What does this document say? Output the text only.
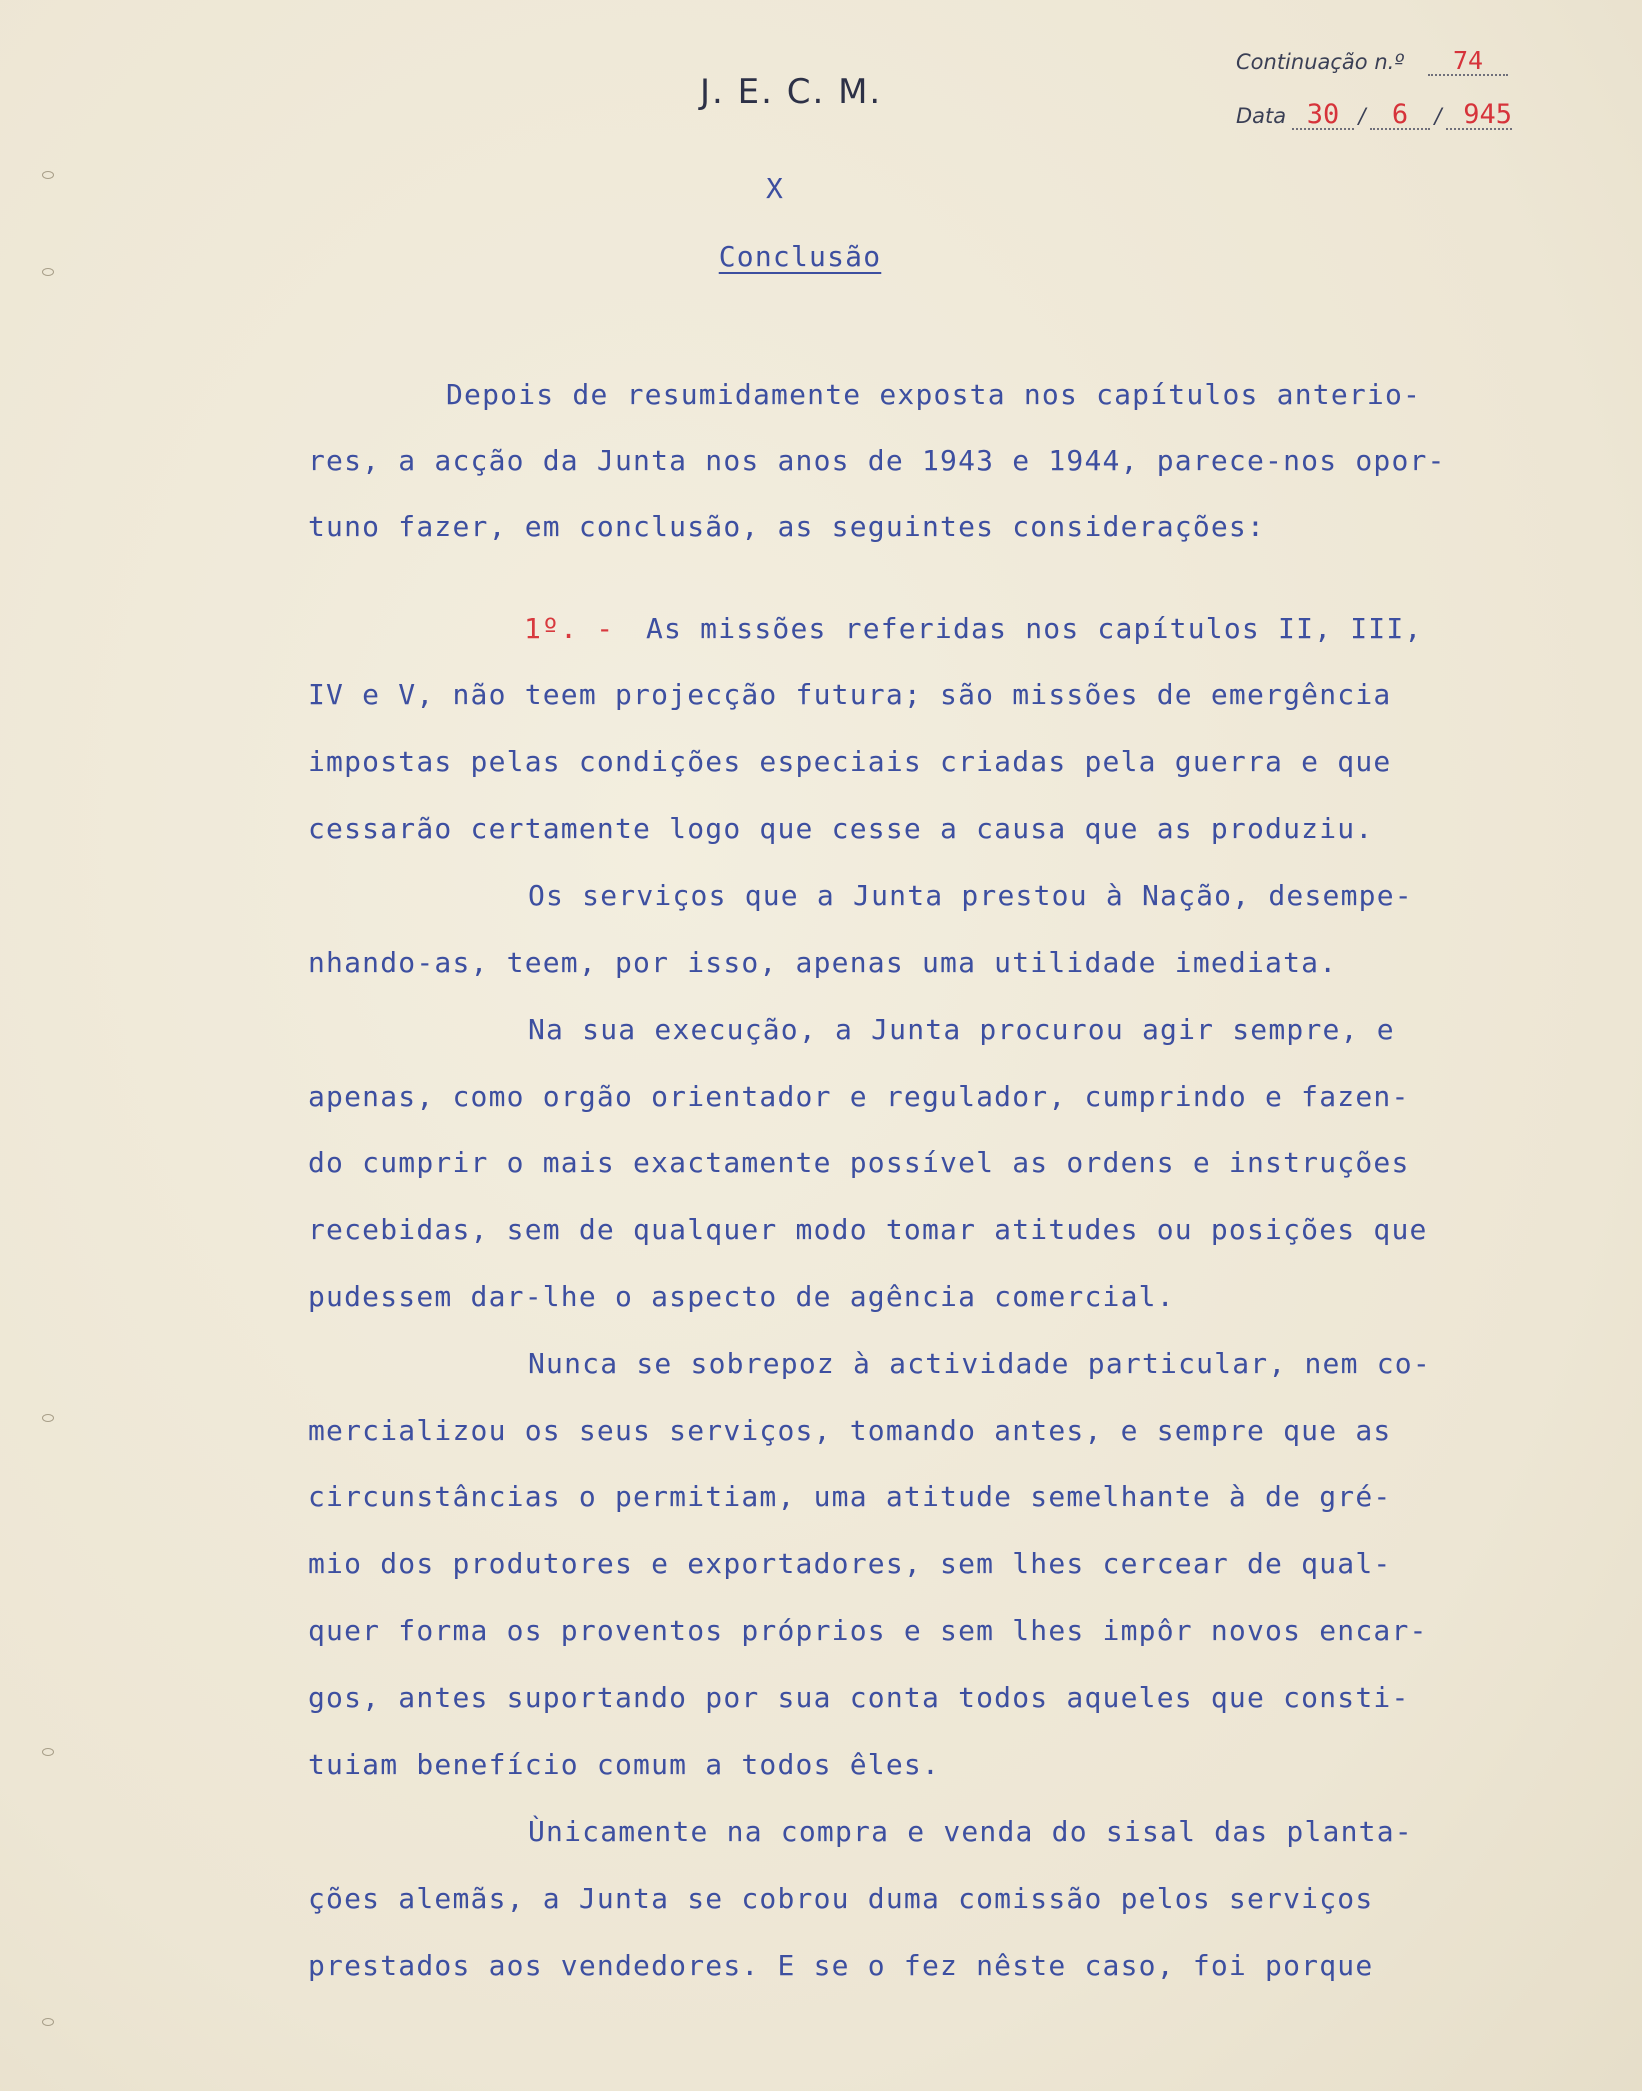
J. E. C. M.
Continuação n.º 74
Data 30 / 6 / 945
X
Conclusão
Depois de resumidamente exposta nos capítulos anterio-
res, a acção da Junta nos anos de 1943 e 1944, parece-nos opor-
tuno fazer, em conclusão, as seguintes considerações:
1º. - As missões referidas nos capítulos II, III,
IV e V, não teem projecção futura; são missões de emergência
impostas pelas condições especiais criadas pela guerra e que
cessarão certamente logo que cesse a causa que as produziu.
Os serviços que a Junta prestou à Nação, desempe-
nhando-as, teem, por isso, apenas uma utilidade imediata.
Na sua execução, a Junta procurou agir sempre, e
apenas, como orgão orientador e regulador, cumprindo e fazen-
do cumprir o mais exactamente possível as ordens e instruções
recebidas, sem de qualquer modo tomar atitudes ou posições que
pudessem dar-lhe o aspecto de agência comercial.
Nunca se sobrepoz à actividade particular, nem co-
mercializou os seus serviços, tomando antes, e sempre que as
circunstâncias o permitiam, uma atitude semelhante à de gré-
mio dos produtores e exportadores, sem lhes cercear de qual-
quer forma os proventos próprios e sem lhes impôr novos encar-
gos, antes suportando por sua conta todos aqueles que consti-
tuiam benefício comum a todos êles.
Ùnicamente na compra e venda do sisal das planta-
ções alemãs, a Junta se cobrou duma comissão pelos serviços
prestados aos vendedores. E se o fez nêste caso, foi porque
